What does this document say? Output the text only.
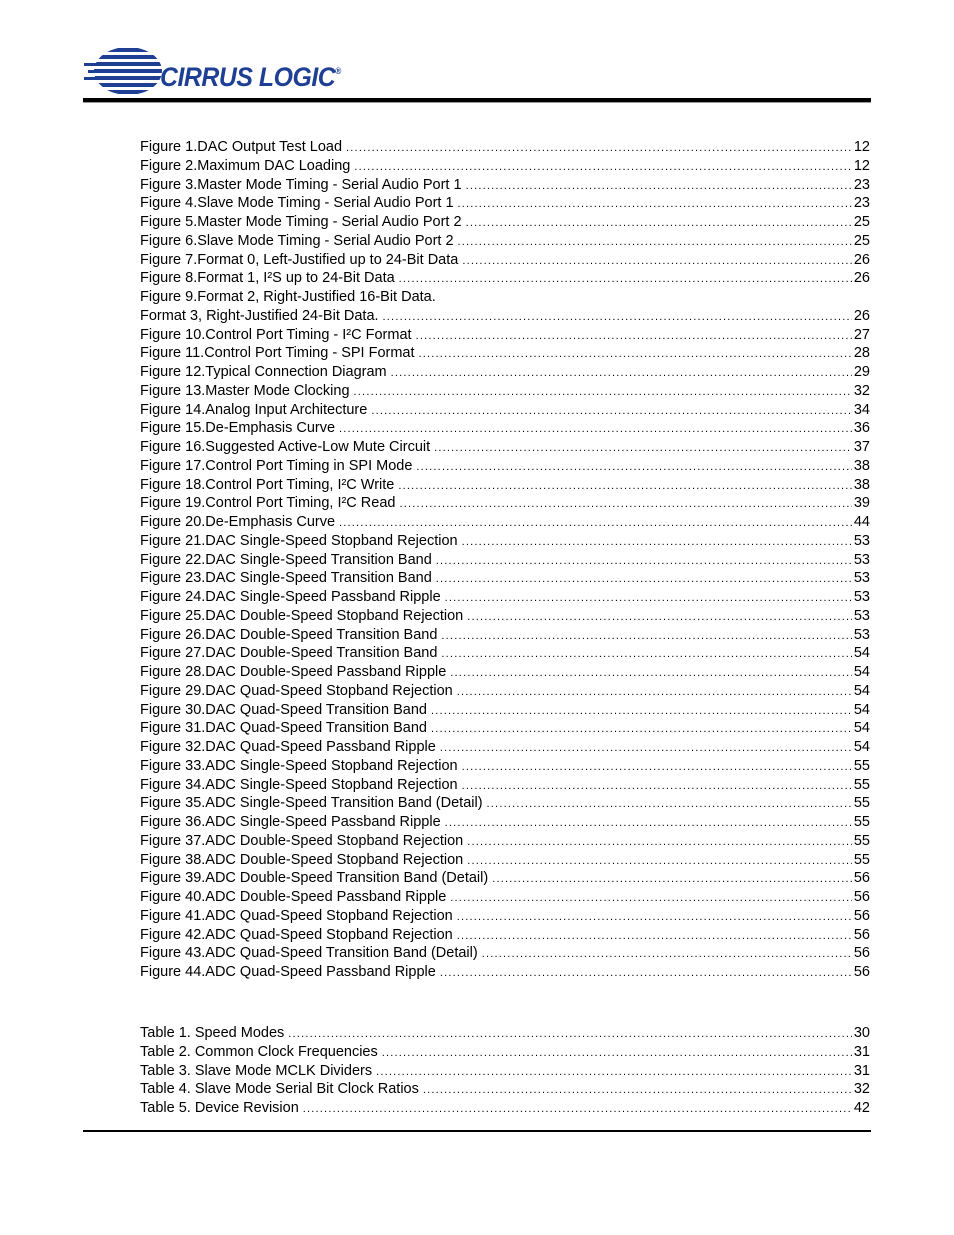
CIRRUS LOGIC®
Figure 1.DAC Output Test Load .....	12
Figure 2.Maximum DAC Loading .....	12
Figure 3.Master Mode Timing - Serial Audio Port 1 .....	23
Figure 4.Slave Mode Timing - Serial Audio Port 1 .....	23
Figure 5.Master Mode Timing - Serial Audio Port 2 .....	25
Figure 6.Slave Mode Timing - Serial Audio Port 2 .....	25
Figure 7.Format 0, Left-Justified up to 24-Bit Data .....	26
Figure 8.Format 1, I²S up to 24-Bit Data .....	26
Figure 9.Format 2, Right-Justified 16-Bit Data.
Format 3, Right-Justified 24-Bit Data. .....	26
Figure 10.Control Port Timing - I²C Format .....	27
Figure 11.Control Port Timing - SPI Format .....	28
Figure 12.Typical Connection Diagram .....	29
Figure 13.Master Mode Clocking .....	32
Figure 14.Analog Input Architecture .....	34
Figure 15.De-Emphasis Curve .....	36
Figure 16.Suggested Active-Low Mute Circuit .....	37
Figure 17.Control Port Timing in SPI Mode .....	38
Figure 18.Control Port Timing, I²C Write .....	38
Figure 19.Control Port Timing, I²C Read .....	39
Figure 20.De-Emphasis Curve .....	44
Figure 21.DAC Single-Speed Stopband Rejection .....	53
Figure 22.DAC Single-Speed Transition Band .....	53
Figure 23.DAC Single-Speed Transition Band .....	53
Figure 24.DAC Single-Speed Passband Ripple .....	53
Figure 25.DAC Double-Speed Stopband Rejection .....	53
Figure 26.DAC Double-Speed Transition Band .....	53
Figure 27.DAC Double-Speed Transition Band .....	54
Figure 28.DAC Double-Speed Passband Ripple .....	54
Figure 29.DAC Quad-Speed Stopband Rejection .....	54
Figure 30.DAC Quad-Speed Transition Band .....	54
Figure 31.DAC Quad-Speed Transition Band .....	54
Figure 32.DAC Quad-Speed Passband Ripple .....	54
Figure 33.ADC Single-Speed Stopband Rejection .....	55
Figure 34.ADC Single-Speed Stopband Rejection .....	55
Figure 35.ADC Single-Speed Transition Band (Detail) .....	55
Figure 36.ADC Single-Speed Passband Ripple .....	55
Figure 37.ADC Double-Speed Stopband Rejection .....	55
Figure 38.ADC Double-Speed Stopband Rejection .....	55
Figure 39.ADC Double-Speed Transition Band (Detail) .....	56
Figure 40.ADC Double-Speed Passband Ripple .....	56
Figure 41.ADC Quad-Speed Stopband Rejection .....	56
Figure 42.ADC Quad-Speed Stopband Rejection .....	56
Figure 43.ADC Quad-Speed Transition Band (Detail) .....	56
Figure 44.ADC Quad-Speed Passband Ripple .....	56
Table 1. Speed Modes .....	30
Table 2. Common Clock Frequencies .....	31
Table 3. Slave Mode MCLK Dividers .....	31
Table 4. Slave Mode Serial Bit Clock Ratios .....	32
Table 5. Device Revision .....	42
